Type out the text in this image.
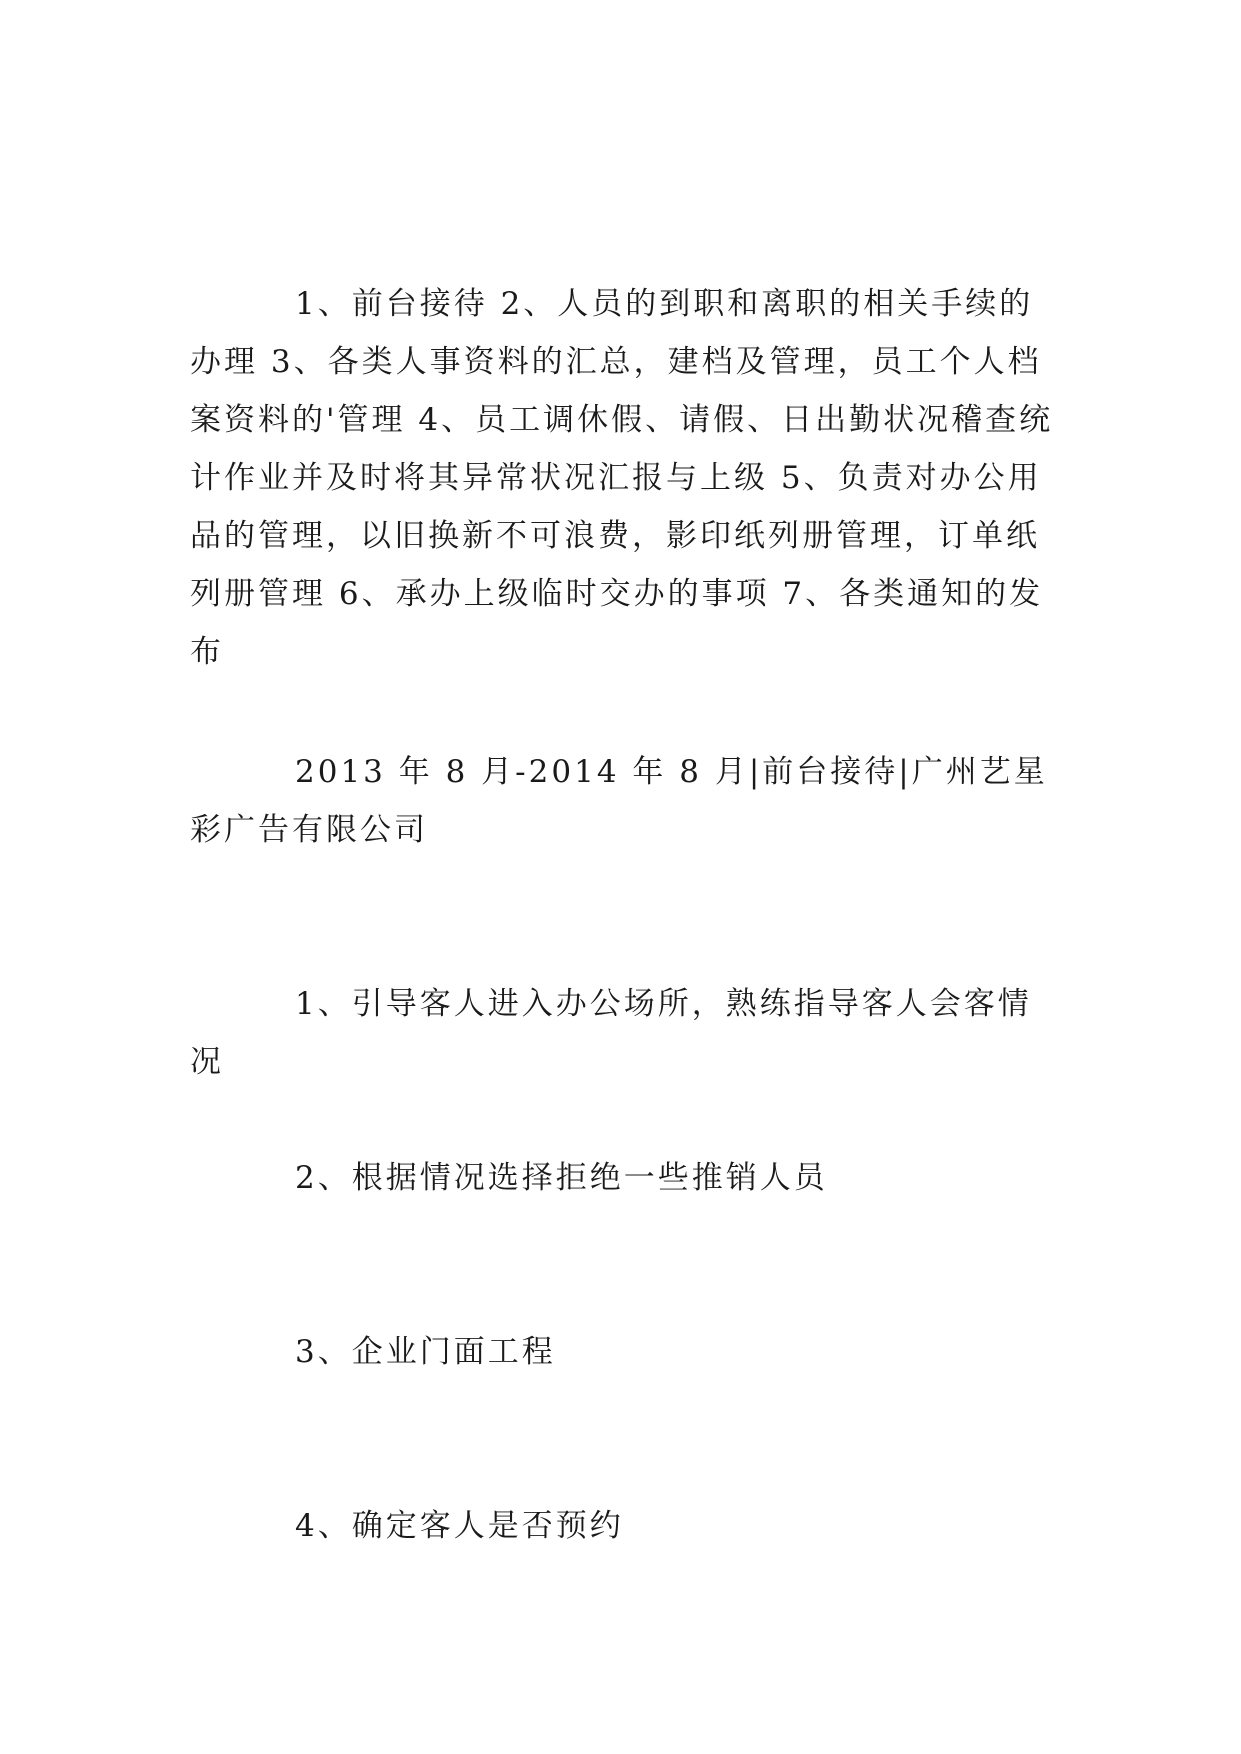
1、前台接待 2、人员的到职和离职的相关手续的办理 3、各类人事资料的汇总，建档及管理，员工个人档案资料的'管理 4、员工调休假、请假、日出勤状况稽查统计作业并及时将其异常状况汇报与上级 5、负责对办公用品的管理，以旧换新不可浪费，影印纸列册管理，订单纸列册管理 6、承办上级临时交办的事项 7、各类通知的发布

2013 年 8 月-2014 年 8 月|前台接待|广州艺星彩广告有限公司

1、引导客人进入办公场所，熟练指导客人会客情况

2、根据情况选择拒绝一些推销人员

3、企业门面工程

4、确定客人是否预约
